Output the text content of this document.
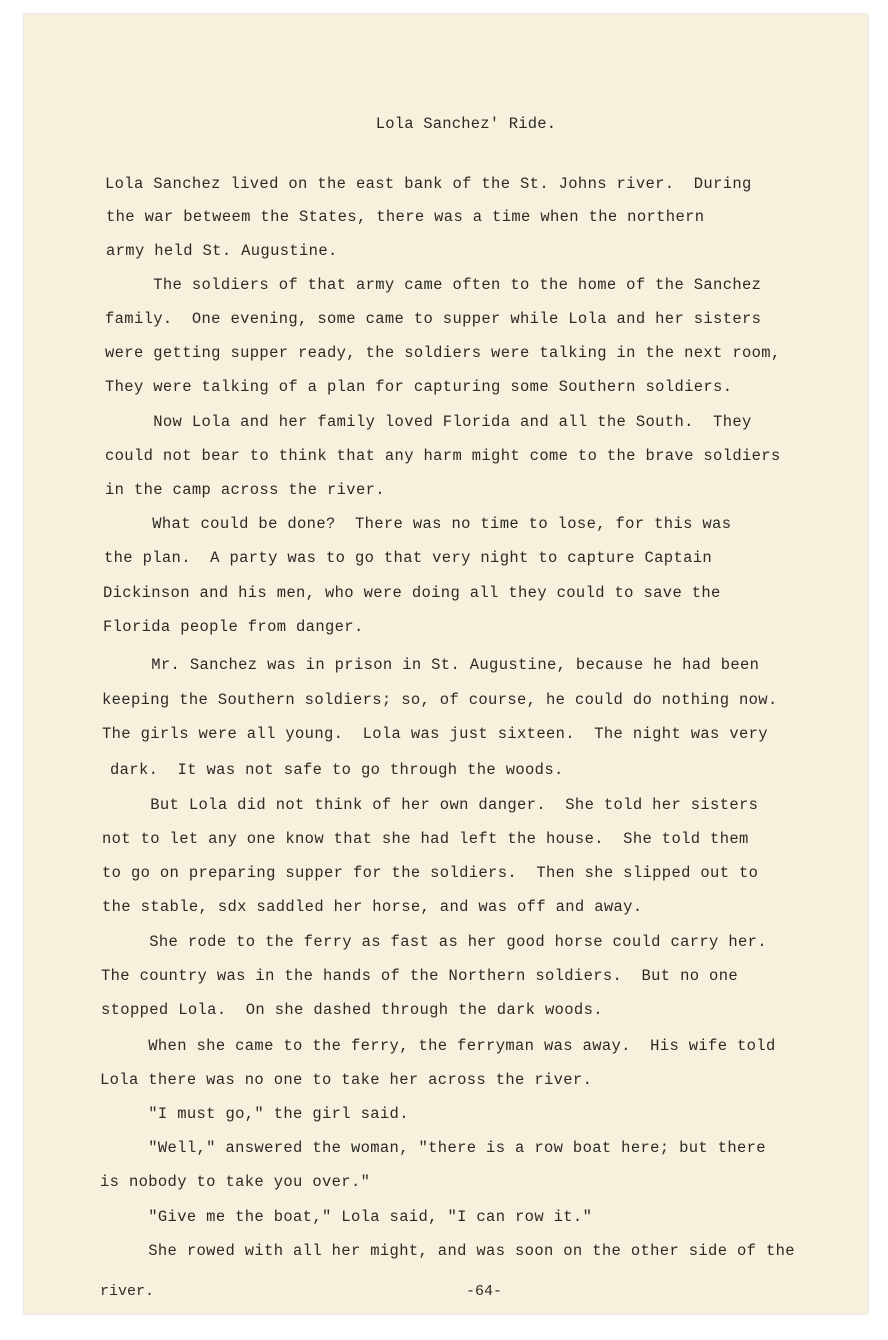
Lola Sanchez' Ride.
Lola Sanchez lived on the east bank of the St. Johns river.  During
the war betweem the States, there was a time when the northern
army held St. Augustine.
The soldiers of that army came often to the home of the Sanchez
family.  One evening, some came to supper while Lola and her sisters
were getting supper ready, the soldiers were talking in the next room,
They were talking of a plan for capturing some Southern soldiers.
Now Lola and her family loved Florida and all the South.  They
could not bear to think that any harm might come to the brave soldiers
in the camp across the river.
What could be done?  There was no time to lose, for this was
the plan.  A party was to go that very night to capture Captain
Dickinson and his men, who were doing all they could to save the
Florida people from danger.
Mr. Sanchez was in prison in St. Augustine, because he had been
keeping the Southern soldiers; so, of course, he could do nothing now.
The girls were all young.  Lola was just sixteen.  The night was very
dark.  It was not safe to go through the woods.
But Lola did not think of her own danger.  She told her sisters
not to let any one know that she had left the house.  She told them
to go on preparing supper for the soldiers.  Then she slipped out to
the stable, sdx saddled her horse, and was off and away.
She rode to the ferry as fast as her good horse could carry her.
The country was in the hands of the Northern soldiers.  But no one
stopped Lola.  On she dashed through the dark woods.
When she came to the ferry, the ferryman was away.  His wife told
Lola there was no one to take her across the river.
"I must go," the girl said.
"Well," answered the woman, "there is a row boat here; but there
is nobody to take you over."
"Give me the boat," Lola said, "I can row it."
She rowed with all her might, and was soon on the other side of the
river.	-64-
